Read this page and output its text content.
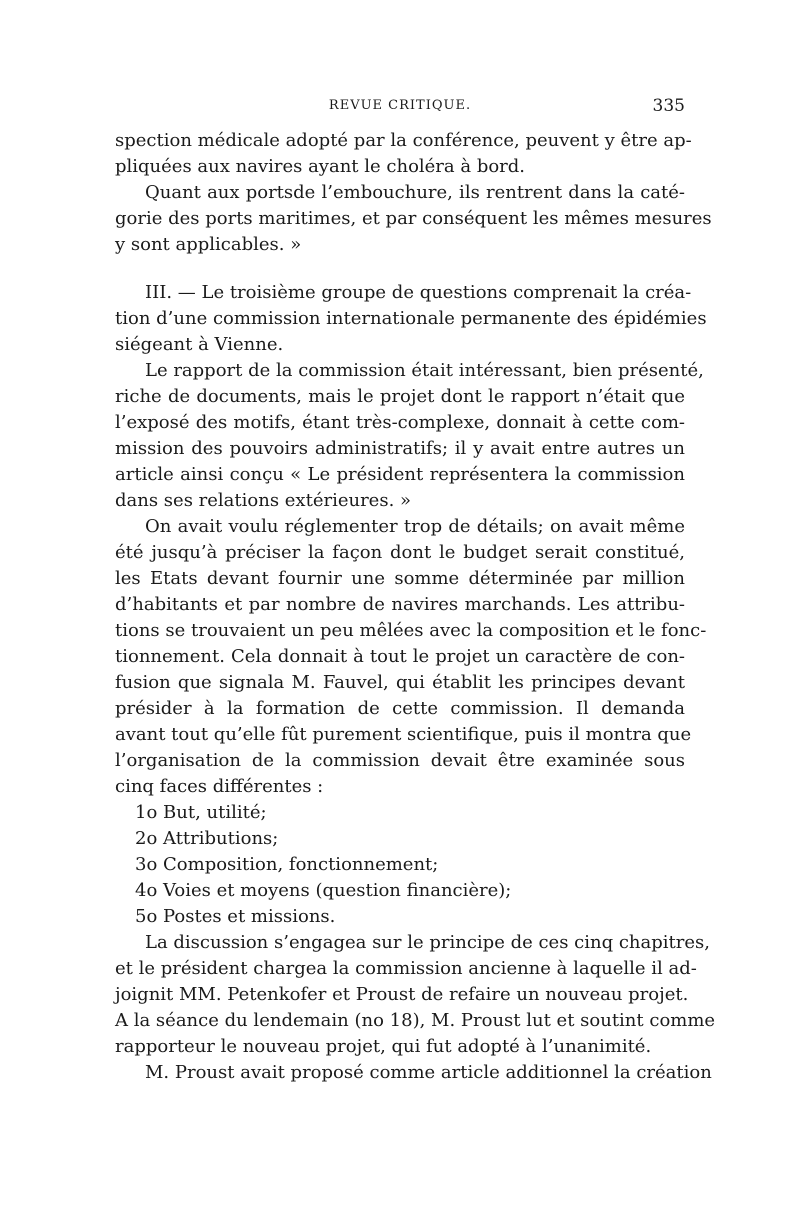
REVUE CRITIQUE.	335
spection médicale adopté par la conférence, peuvent y être ap-
pliquées aux navires ayant le choléra à bord.
Quant aux portsde l’embouchure, ils rentrent dans la caté-
gorie des ports maritimes, et par conséquent les mêmes mesures
y sont applicables. »
III. — Le troisième groupe de questions comprenait la créa-
tion d’une commission internationale permanente des épidémies
siégeant à Vienne.
Le rapport de la commission était intéressant, bien présenté,
riche de documents, mais le projet dont le rapport n’était que
l’exposé des motifs, étant très-complexe, donnait à cette com-
mission des pouvoirs administratifs; il y avait entre autres un
article ainsi conçu « Le président représentera la commission
dans ses relations extérieures. »
On avait voulu réglementer trop de détails; on avait même
été jusqu’à préciser la façon dont le budget serait constitué,
les Etats devant fournir une somme déterminée par million
d’habitants et par nombre de navires marchands. Les attribu-
tions se trouvaient un peu mêlées avec la composition et le fonc-
tionnement. Cela donnait à tout le projet un caractère de con-
fusion que signala M. Fauvel, qui établit les principes devant
présider à la formation de cette commission. Il demanda
avant tout qu’elle fût purement scientifique, puis il montra que
l’organisation de la commission devait être examinée sous
cinq faces différentes :
1o But, utilité;
2o Attributions;
3o Composition, fonctionnement;
4o Voies et moyens (question financière);
5o Postes et missions.
La discussion s’engagea sur le principe de ces cinq chapitres,
et le président chargea la commission ancienne à laquelle il ad-
joignit MM. Petenkofer et Proust de refaire un nouveau projet.
A la séance du lendemain (no 18), M. Proust lut et soutint comme
rapporteur le nouveau projet, qui fut adopté à l’unanimité.
M. Proust avait proposé comme article additionnel la création
